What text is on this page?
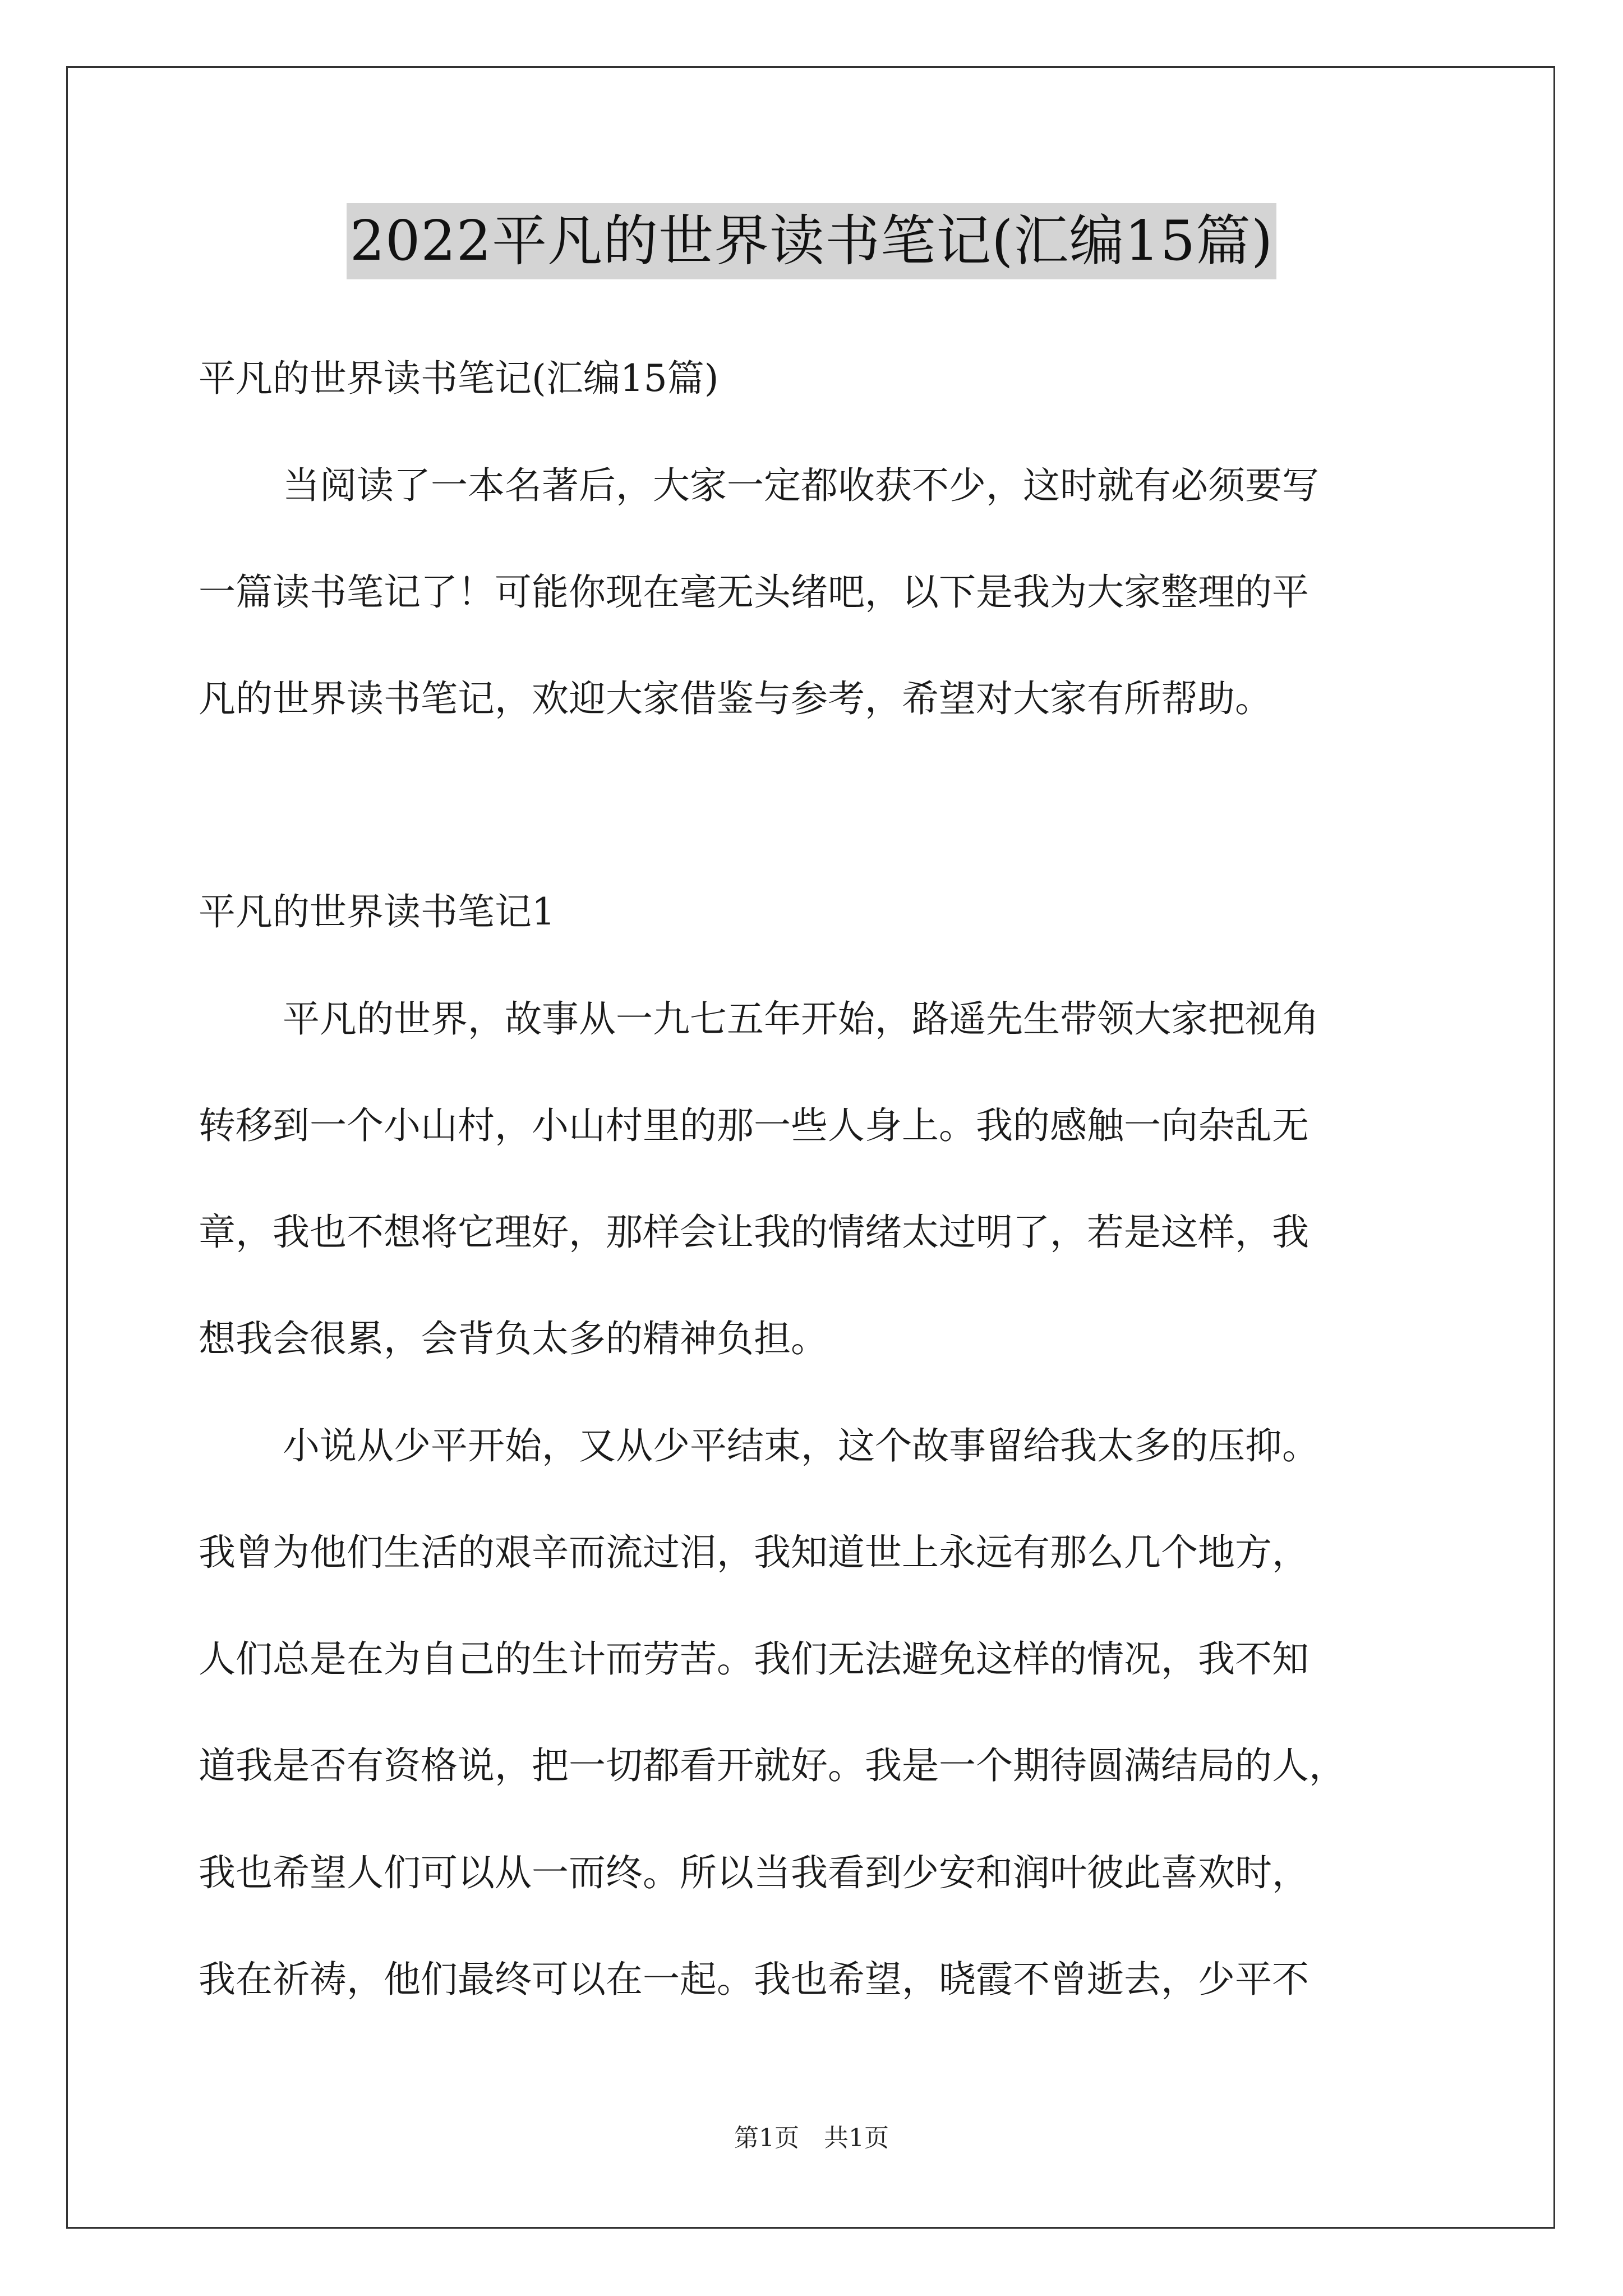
2022平凡的世界读书笔记(汇编15篇)
平凡的世界读书笔记(汇编15篇)
当阅读了一本名著后，大家一定都收获不少，这时就有必须要写
一篇读书笔记了！可能你现在毫无头绪吧，以下是我为大家整理的平
凡的世界读书笔记，欢迎大家借鉴与参考，希望对大家有所帮助。
平凡的世界读书笔记1
平凡的世界，故事从一九七五年开始，路遥先生带领大家把视角
转移到一个小山村，小山村里的那一些人身上。我的感触一向杂乱无
章，我也不想将它理好，那样会让我的情绪太过明了，若是这样，我
想我会很累，会背负太多的精神负担。
小说从少平开始，又从少平结束，这个故事留给我太多的压抑。
我曾为他们生活的艰辛而流过泪，我知道世上永远有那么几个地方，
人们总是在为自己的生计而劳苦。我们无法避免这样的情况，我不知
道我是否有资格说，把一切都看开就好。我是一个期待圆满结局的人，
我也希望人们可以从一而终。所以当我看到少安和润叶彼此喜欢时，
我在祈祷，他们最终可以在一起。我也希望，晓霞不曾逝去，少平不
第1页　共1页
